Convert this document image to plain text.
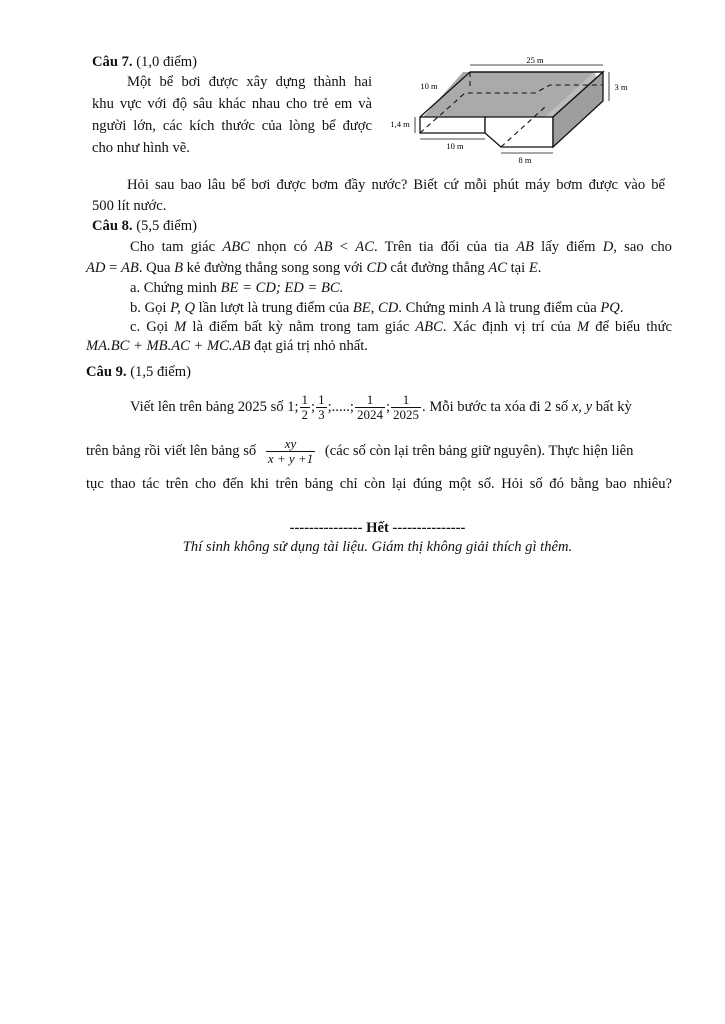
Câu 7. (1,0 điểm)
Một bể bơi được xây dựng thành hai
khu vực với độ sâu khác nhau cho trẻ em và
người lớn, các kích thước của lòng bể được
cho như hình vẽ.
25 m
10 m	3 m
1,4 m
10 m
8 m
Hỏi sau bao lâu bể bơi được bơm đầy nước? Biết cứ mỗi phút máy bơm được vào bể
500 lít nước.
Câu 8. (5,5 điểm)
Cho tam giác ABC nhọn có AB < AC. Trên tia đối của tia AB lấy điểm D, sao cho
AD = AB. Qua B kẻ đường thẳng song song với CD cắt đường thẳng AC tại E.
a. Chứng minh BE = CD; ED = BC.
b. Gọi P, Q lần lượt là trung điểm của BE, CD. Chứng minh A là trung điểm của PQ.
c. Gọi M là điểm bất kỳ nằm trong tam giác ABC. Xác định vị trí của M để biểu thức
MA.BC + MB.AC + MC.AB đạt giá trị nhỏ nhất.
Câu 9. (1,5 điểm)
Viết lên trên bảng 2025 số 1; $\frac{1}{2}$ ; $\frac{1}{3}$ ;.....; $\frac{1}{2024}$ ; $\frac{1}{2025}$ . Mỗi bước ta xóa đi 2 số x, y bất kỳ
trên bảng rồi viết lên bảng số $\frac{xy}{x + y +1}$ (các số còn lại trên bảng giữ nguyên). Thực hiện liên
tục thao tác trên cho đến khi trên bảng chỉ còn lại đúng một số. Hỏi số đó bằng bao nhiêu?
--------------- Hết ---------------
Thí sinh không sử dụng tài liệu. Giám thị không giải thích gì thêm.
